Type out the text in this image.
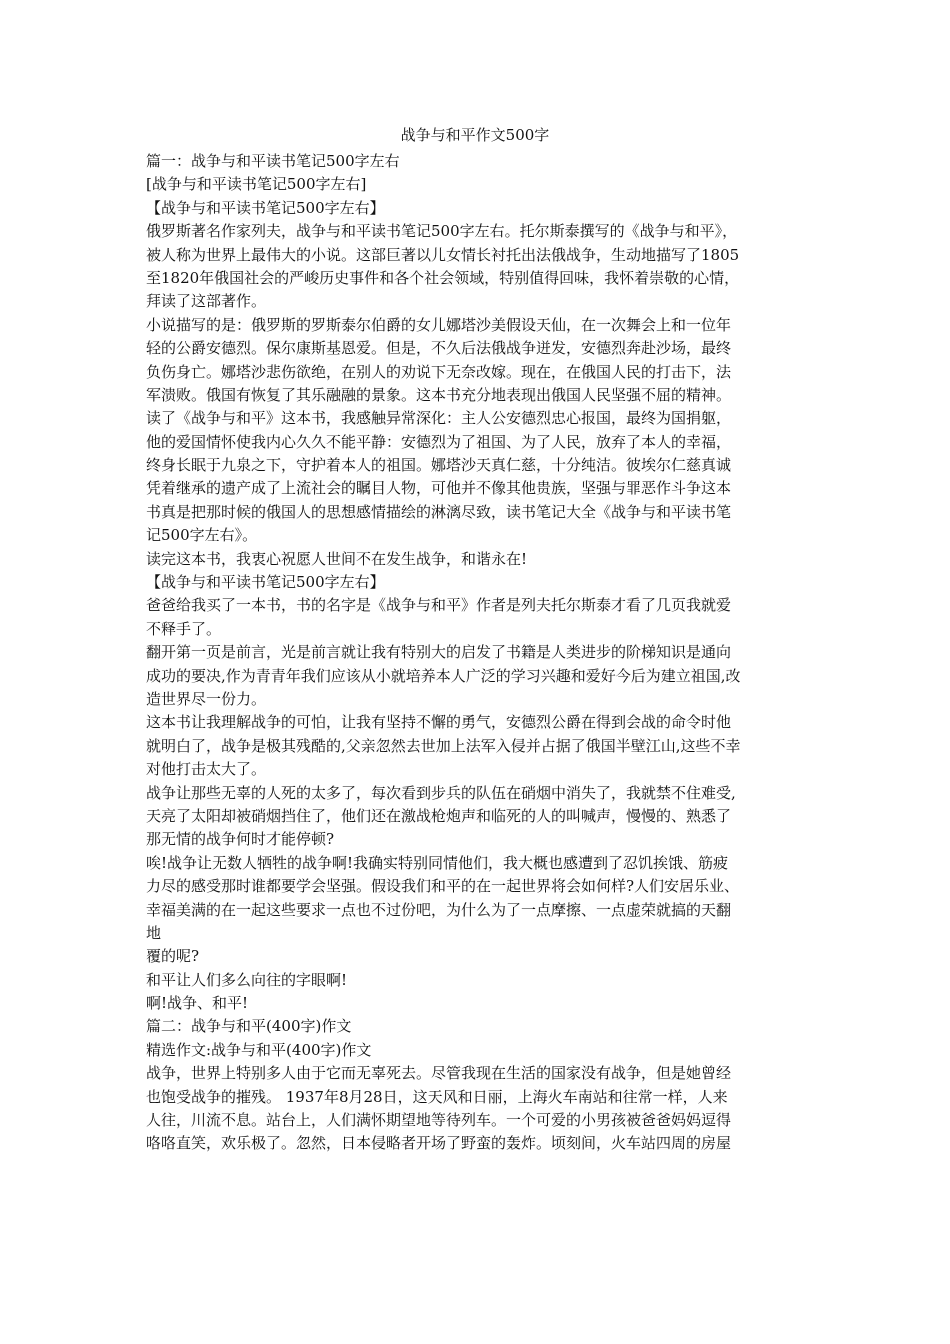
战争与和平作文500字
篇一：战争与和平读书笔记500字左右
[战争与和平读书笔记500字左右]
【战争与和平读书笔记500字左右】
俄罗斯著名作家列夫，战争与和平读书笔记500字左右。托尔斯泰撰写的《战争与和平》，
被人称为世界上最伟大的小说。这部巨著以儿女情长衬托出法俄战争，生动地描写了1805
至1820年俄国社会的严峻历史事件和各个社会领域，特别值得回味，我怀着崇敬的心情，
拜读了这部著作。
小说描写的是：俄罗斯的罗斯泰尔伯爵的女儿娜塔沙美假设天仙，在一次舞会上和一位年
轻的公爵安德烈。保尔康斯基恩爱。但是，不久后法俄战争迸发，安德烈奔赴沙场，最终
负伤身亡。娜塔沙悲伤欲绝，在别人的劝说下无奈改嫁。现在，在俄国人民的打击下，法
军溃败。俄国有恢复了其乐融融的景象。这本书充分地表现出俄国人民坚强不屈的精神。
读了《战争与和平》这本书，我感触异常深化：主人公安德烈忠心报国，最终为国捐躯，
他的爱国情怀使我内心久久不能平静：安德烈为了祖国、为了人民，放弃了本人的幸福，
终身长眠于九泉之下，守护着本人的祖国。娜塔沙天真仁慈，十分纯洁。彼埃尔仁慈真诚
凭着继承的遗产成了上流社会的瞩目人物，可他并不像其他贵族，坚强与罪恶作斗争这本
书真是把那时候的俄国人的思想感情描绘的淋漓尽致，读书笔记大全《战争与和平读书笔
记500字左右》。
读完这本书，我衷心祝愿人世间不在发生战争，和谐永在!
【战争与和平读书笔记500字左右】
爸爸给我买了一本书，书的名字是《战争与和平》作者是列夫托尔斯泰才看了几页我就爱
不释手了。
翻开第一页是前言，光是前言就让我有特别大的启发了书籍是人类进步的阶梯知识是通向
成功的要决,作为青青年我们应该从小就培养本人广泛的学习兴趣和爱好今后为建立祖国,改
造世界尽一份力。
这本书让我理解战争的可怕，让我有坚持不懈的勇气，安德烈公爵在得到会战的命令时他
就明白了，战争是极其残酷的,父亲忽然去世加上法军入侵并占据了俄国半壁江山,这些不幸
对他打击太大了。
战争让那些无辜的人死的太多了，每次看到步兵的队伍在硝烟中消失了，我就禁不住难受,
天亮了太阳却被硝烟挡住了，他们还在激战枪炮声和临死的人的叫喊声，慢慢的、熟悉了
那无情的战争何时才能停顿?
唉!战争让无数人牺牲的战争啊!我确实特别同情他们，我大概也感遭到了忍饥挨饿、筋疲
力尽的感受那时谁都要学会坚强。假设我们和平的在一起世界将会如何样?人们安居乐业、
幸福美满的在一起这些要求一点也不过份吧，为什么为了一点摩擦、一点虚荣就搞的天翻
地
覆的呢?
和平让人们多么向往的字眼啊!
啊!战争、和平!
篇二：战争与和平(400字)作文
精选作文:战争与和平(400字)作文
战争，世界上特别多人由于它而无辜死去。尽管我现在生活的国家没有战争，但是她曾经
也饱受战争的摧残。 1937年8月28日，这天风和日丽，上海火车南站和往常一样，人来
人往，川流不息。站台上，人们满怀期望地等待列车。一个可爱的小男孩被爸爸妈妈逗得
咯咯直笑，欢乐极了。忽然，日本侵略者开场了野蛮的轰炸。顷刻间，火车站四周的房屋
